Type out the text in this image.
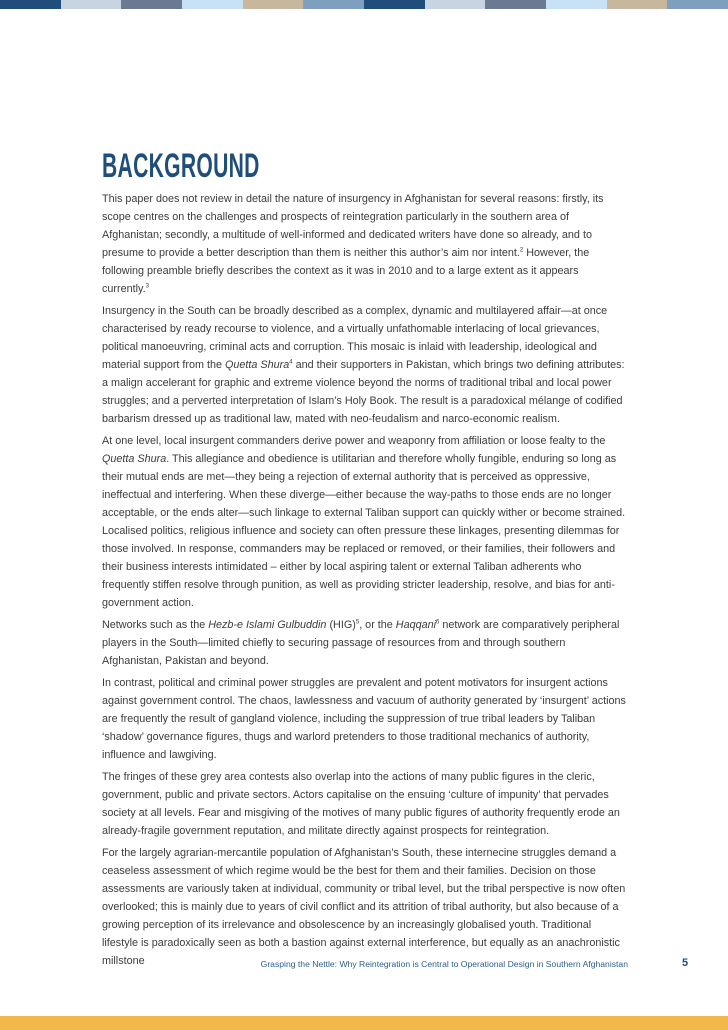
BACKGROUND

This paper does not review in detail the nature of insurgency in Afghanistan for several reasons: firstly, its scope centres on the challenges and prospects of reintegration particularly in the southern area of Afghanistan; secondly, a multitude of well-informed and dedicated writers have done so already, and to presume to provide a better description than them is neither this author’s aim nor intent.$^2$ However, the following preamble briefly describes the context as it was in 2010 and to a large extent as it appears currently.$^3$

Insurgency in the South can be broadly described as a complex, dynamic and multilayered affair—at once characterised by ready recourse to violence, and a virtually unfathomable interlacing of local grievances, political manoeuvring, criminal acts and corruption. This mosaic is inlaid with leadership, ideological and material support from the Quetta Shura$^4$ and their supporters in Pakistan, which brings two defining attributes: a malign accelerant for graphic and extreme violence beyond the norms of traditional tribal and local power struggles; and a perverted interpretation of Islam’s Holy Book. The result is a paradoxical mélange of codified barbarism dressed up as traditional law, mated with neo-feudalism and narco-economic realism.

At one level, local insurgent commanders derive power and weaponry from affiliation or loose fealty to the Quetta Shura. This allegiance and obedience is utilitarian and therefore wholly fungible, enduring so long as their mutual ends are met—they being a rejection of external authority that is perceived as oppressive, ineffectual and interfering. When these diverge—either because the way-paths to those ends are no longer acceptable, or the ends alter—such linkage to external Taliban support can quickly wither or become strained. Localised politics, religious influence and society can often pressure these linkages, presenting dilemmas for those involved. In response, commanders may be replaced or removed, or their families, their followers and their business interests intimidated – either by local aspiring talent or external Taliban adherents who frequently stiffen resolve through punition, as well as providing stricter leadership, resolve, and bias for anti-government action.

Networks such as the Hezb-e Islami Gulbuddin (HIG)$^5$, or the Haqqani$^6$ network are comparatively peripheral players in the South—limited chiefly to securing passage of resources from and through southern Afghanistan, Pakistan and beyond.

In contrast, political and criminal power struggles are prevalent and potent motivators for insurgent actions against government control. The chaos, lawlessness and vacuum of authority generated by ‘insurgent’ actions are frequently the result of gangland violence, including the suppression of true tribal leaders by Taliban ‘shadow’ governance figures, thugs and warlord pretenders to those traditional mechanics of authority, influence and lawgiving.

The fringes of these grey area contests also overlap into the actions of many public figures in the cleric, government, public and private sectors. Actors capitalise on the ensuing ‘culture of impunity’ that pervades society at all levels. Fear and misgiving of the motives of many public figures of authority frequently erode an already-fragile government reputation, and militate directly against prospects for reintegration.

For the largely agrarian-mercantile population of Afghanistan’s South, these internecine struggles demand a ceaseless assessment of which regime would be the best for them and their families. Decision on those assessments are variously taken at individual, community or tribal level, but the tribal perspective is now often overlooked; this is mainly due to years of civil conflict and its attrition of tribal authority, but also because of a growing perception of its irrelevance and obsolescence by an increasingly globalised youth. Traditional lifestyle is paradoxically seen as both a bastion against external interference, but equally as an anachronistic millstone	Grasping the Nettle: Why Reintegration is Central to Operational Design in Southern Afghanistan	5
